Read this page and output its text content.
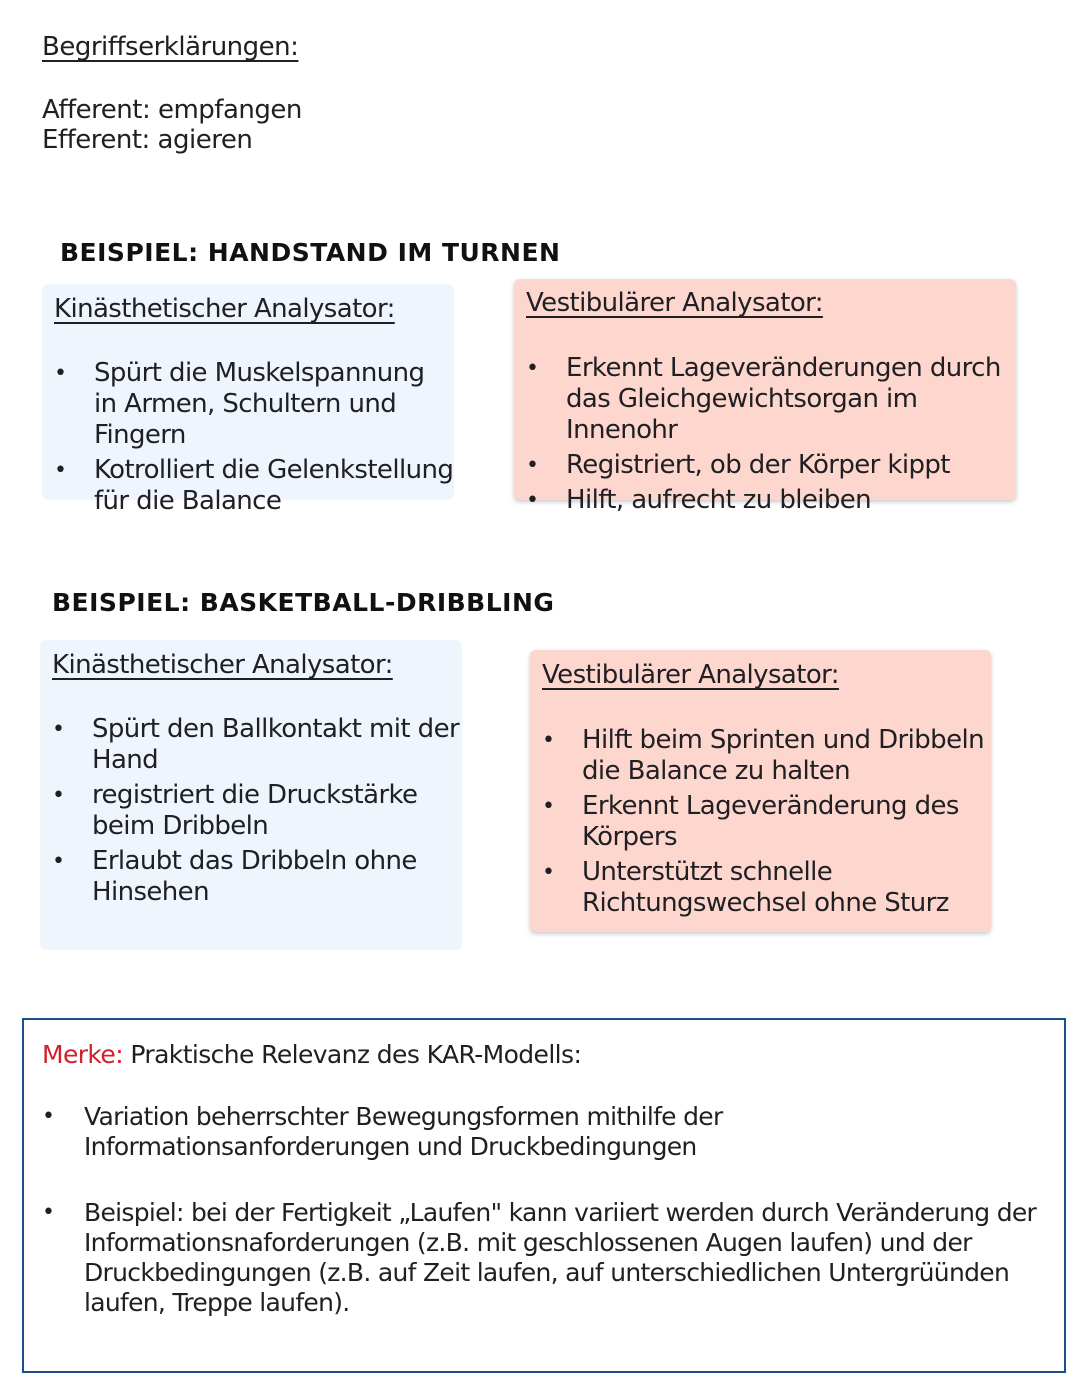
Begriffserklärungen:
Afferent: empfangen
Efferent: agieren
BEISPIEL: HANDSTAND IM TURNEN
Kinästhetischer Analysator:
• Spürt die Muskelspannung in Armen, Schultern und Fingern
• Kotrolliert die Gelenkstellung für die Balance
Vestibulärer Analysator:
• Erkennt Lageveränderungen durch das Gleichgewichtsorgan im Innenohr
• Registriert, ob der Körper kippt
• Hilft, aufrecht zu bleiben
BEISPIEL: BASKETBALL-DRIBBLING
Kinästhetischer Analysator:
• Spürt den Ballkontakt mit der Hand
• registriert die Druckstärke beim Dribbeln
• Erlaubt das Dribbeln ohne Hinsehen
Vestibulärer Analysator:
• Hilft beim Sprinten und Dribbeln die Balance zu halten
• Erkennt Lageveränderung des Körpers
• Unterstützt schnelle Richtungswechsel ohne Sturz
Merke: Praktische Relevanz des KAR-Modells:
• Variation beherrschter Bewegungsformen mithilfe der Informationsanforderungen und Druckbedingungen
• Beispiel: bei der Fertigkeit „Laufen" kann variiert werden durch Veränderung der Informationsnaforderungen (z.B. mit geschlossenen Augen laufen) und der Druckbedingungen (z.B. auf Zeit laufen, auf unterschiedlichen Untergrüünden laufen, Treppe laufen).
